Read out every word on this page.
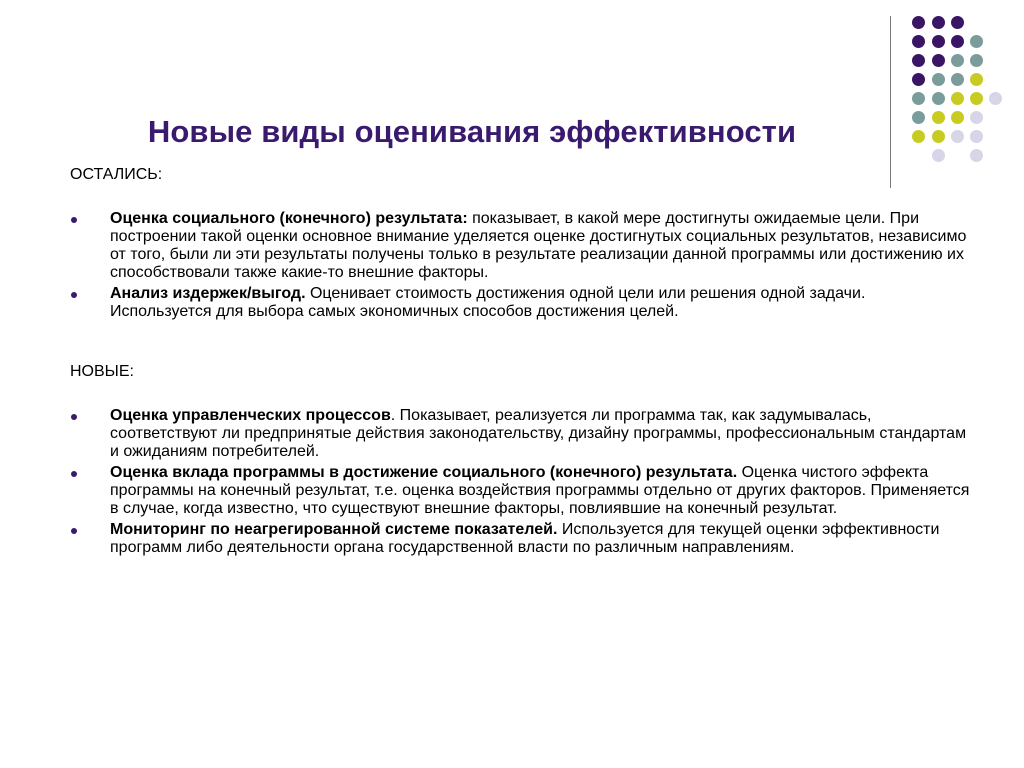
Новые виды оценивания эффективности

ОСТАЛИСЬ:

Оценка социального (конечного) результата: показывает, в какой мере достигнуты ожидаемые цели. При построении такой оценки основное внимание уделяется оценке достигнутых социальных результатов, независимо от того, были ли эти результаты получены только в результате реализации данной программы или достижению их способствовали также какие-то внешние факторы.
Анализ издержек/выгод. Оценивает стоимость достижения одной цели или решения одной задачи. Используется для выбора самых экономичных способов достижения целей.

НОВЫЕ:

Оценка управленческих процессов. Показывает, реализуется ли программа так, как задумывалась, соответствуют ли предпринятые действия законодательству, дизайну программы, профессиональным стандартам и ожиданиям потребителей.
Оценка вклада программы в достижение социального (конечного) результата. Оценка чистого эффекта программы на конечный результат, т.е. оценка воздействия программы отдельно от других факторов. Применяется в случае, когда известно, что существуют внешние факторы, повлиявшие на конечный результат.
Мониторинг по неагрегированной системе показателей. Используется для текущей оценки эффективности программ либо деятельности органа государственной власти по различным направлениям.
